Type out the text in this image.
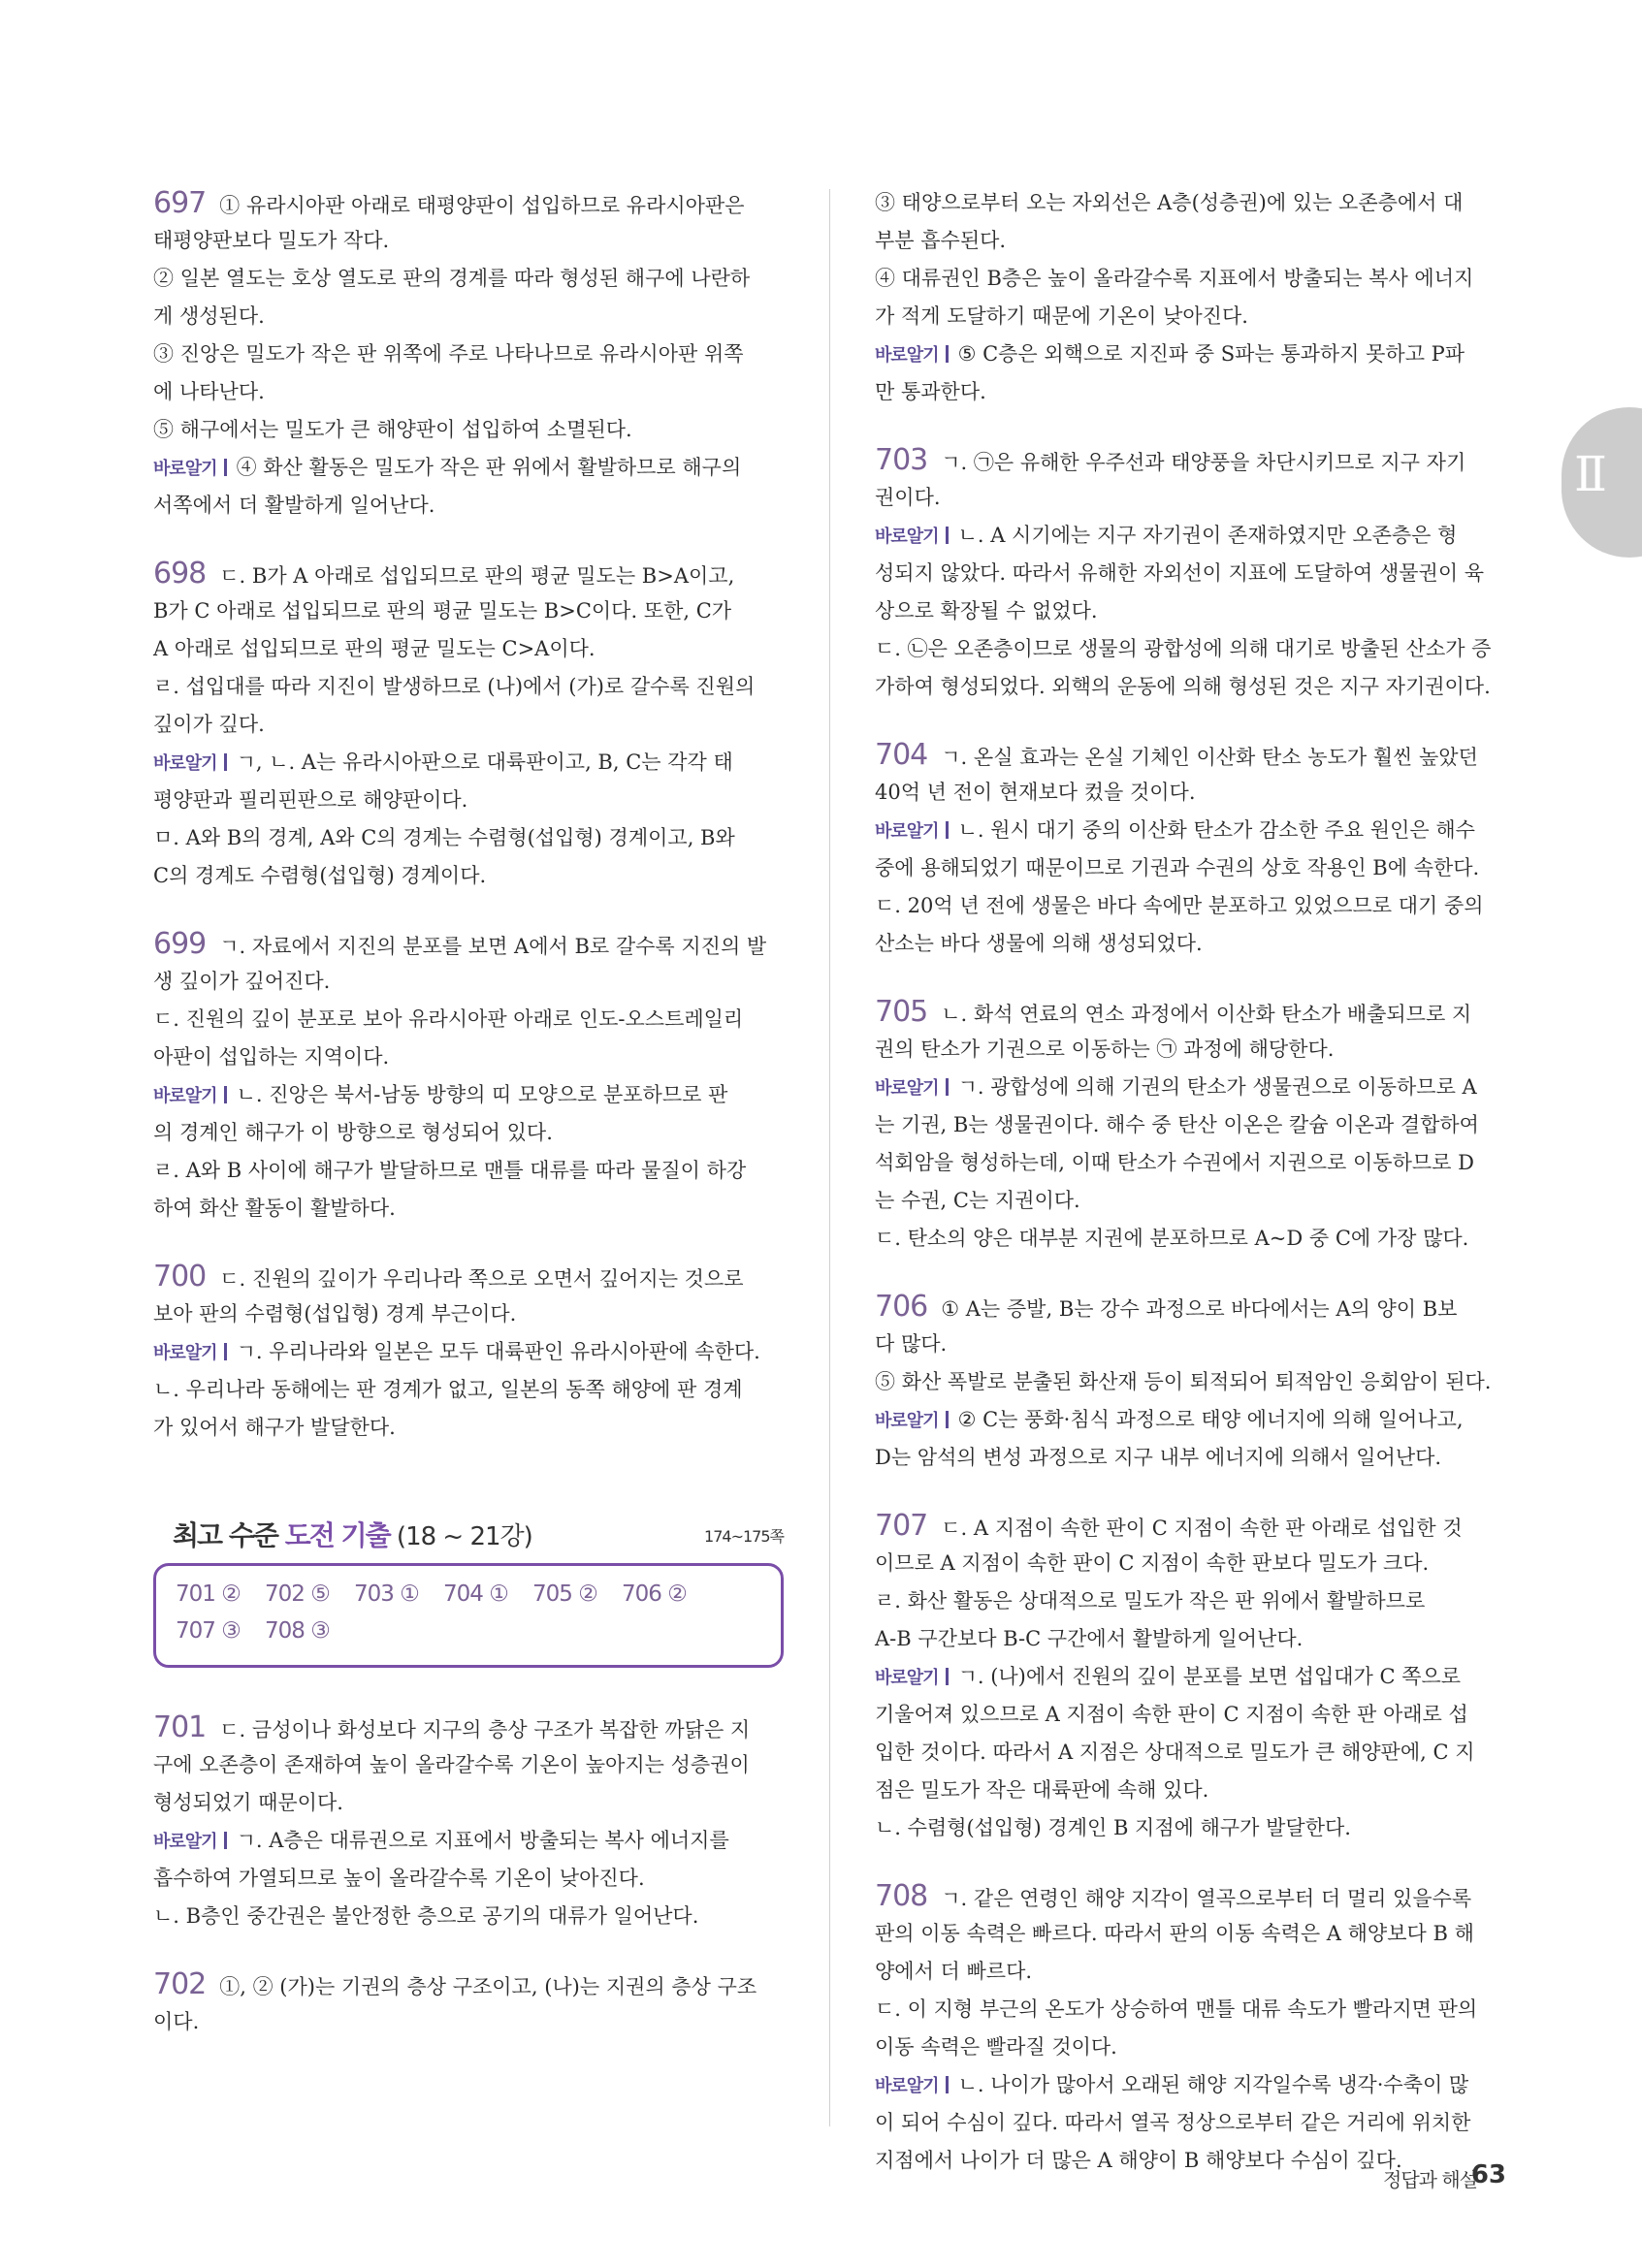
Ⅱ
697 ① 유라시아판 아래로 태평양판이 섭입하므로 유라시아판은
태평양판보다 밀도가 작다.
② 일본 열도는 호상 열도로 판의 경계를 따라 형성된 해구에 나란하
게 생성된다.
③ 진앙은 밀도가 작은 판 위쪽에 주로 나타나므로 유라시아판 위쪽
에 나타난다.
⑤ 해구에서는 밀도가 큰 해양판이 섭입하여 소멸된다.
바로알기 ④ 화산 활동은 밀도가 작은 판 위에서 활발하므로 해구의
서쪽에서 더 활발하게 일어난다.
698 ㄷ. B가 A 아래로 섭입되므로 판의 평균 밀도는 B>A이고,
B가 C 아래로 섭입되므로 판의 평균 밀도는 B>C이다. 또한, C가
A 아래로 섭입되므로 판의 평균 밀도는 C>A이다.
ㄹ. 섭입대를 따라 지진이 발생하므로 (나)에서 (가)로 갈수록 진원의
깊이가 깊다.
바로알기 ㄱ, ㄴ. A는 유라시아판으로 대륙판이고, B, C는 각각 태
평양판과 필리핀판으로 해양판이다.
ㅁ. A와 B의 경계, A와 C의 경계는 수렴형(섭입형) 경계이고, B와
C의 경계도 수렴형(섭입형) 경계이다.
699 ㄱ. 자료에서 지진의 분포를 보면 A에서 B로 갈수록 지진의 발
생 깊이가 깊어진다.
ㄷ. 진원의 깊이 분포로 보아 유라시아판 아래로 인도-오스트레일리
아판이 섭입하는 지역이다.
바로알기 ㄴ. 진앙은 북서-남동 방향의 띠 모양으로 분포하므로 판
의 경계인 해구가 이 방향으로 형성되어 있다.
ㄹ. A와 B 사이에 해구가 발달하므로 맨틀 대류를 따라 물질이 하강
하여 화산 활동이 활발하다.
700 ㄷ. 진원의 깊이가 우리나라 쪽으로 오면서 깊어지는 것으로
보아 판의 수렴형(섭입형) 경계 부근이다.
바로알기 ㄱ. 우리나라와 일본은 모두 대륙판인 유라시아판에 속한다.
ㄴ. 우리나라 동해에는 판 경계가 없고, 일본의 동쪽 해양에 판 경계
가 있어서 해구가 발달한다.
최고 수준 도전 기출 (18 ~ 21강)	174~175쪽
701 ② 702 ⑤ 703 ① 704 ① 705 ② 706 ②
707 ③ 708 ③
701 ㄷ. 금성이나 화성보다 지구의 층상 구조가 복잡한 까닭은 지
구에 오존층이 존재하여 높이 올라갈수록 기온이 높아지는 성층권이
형성되었기 때문이다.
바로알기 ㄱ. A층은 대류권으로 지표에서 방출되는 복사 에너지를
흡수하여 가열되므로 높이 올라갈수록 기온이 낮아진다.
ㄴ. B층인 중간권은 불안정한 층으로 공기의 대류가 일어난다.
702 ①, ② (가)는 기권의 층상 구조이고, (나)는 지권의 층상 구조
이다.
③ 태양으로부터 오는 자외선은 A층(성층권)에 있는 오존층에서 대
부분 흡수된다.
④ 대류권인 B층은 높이 올라갈수록 지표에서 방출되는 복사 에너지
가 적게 도달하기 때문에 기온이 낮아진다.
바로알기 ⑤ C층은 외핵으로 지진파 중 S파는 통과하지 못하고 P파
만 통과한다.
703 ㄱ. ㉠은 유해한 우주선과 태양풍을 차단시키므로 지구 자기
권이다.
바로알기 ㄴ. A 시기에는 지구 자기권이 존재하였지만 오존층은 형
성되지 않았다. 따라서 유해한 자외선이 지표에 도달하여 생물권이 육
상으로 확장될 수 없었다.
ㄷ. ㉡은 오존층이므로 생물의 광합성에 의해 대기로 방출된 산소가 증
가하여 형성되었다. 외핵의 운동에 의해 형성된 것은 지구 자기권이다.
704 ㄱ. 온실 효과는 온실 기체인 이산화 탄소 농도가 훨씬 높았던
40억 년 전이 현재보다 컸을 것이다.
바로알기 ㄴ. 원시 대기 중의 이산화 탄소가 감소한 주요 원인은 해수
중에 용해되었기 때문이므로 기권과 수권의 상호 작용인 B에 속한다.
ㄷ. 20억 년 전에 생물은 바다 속에만 분포하고 있었으므로 대기 중의
산소는 바다 생물에 의해 생성되었다.
705 ㄴ. 화석 연료의 연소 과정에서 이산화 탄소가 배출되므로 지
권의 탄소가 기권으로 이동하는 ㉠ 과정에 해당한다.
바로알기 ㄱ. 광합성에 의해 기권의 탄소가 생물권으로 이동하므로 A
는 기권, B는 생물권이다. 해수 중 탄산 이온은 칼슘 이온과 결합하여
석회암을 형성하는데, 이때 탄소가 수권에서 지권으로 이동하므로 D
는 수권, C는 지권이다.
ㄷ. 탄소의 양은 대부분 지권에 분포하므로 A~D 중 C에 가장 많다.
706 ① A는 증발, B는 강수 과정으로 바다에서는 A의 양이 B보
다 많다.
⑤ 화산 폭발로 분출된 화산재 등이 퇴적되어 퇴적암인 응회암이 된다.
바로알기 ② C는 풍화·침식 과정으로 태양 에너지에 의해 일어나고,
D는 암석의 변성 과정으로 지구 내부 에너지에 의해서 일어난다.
707 ㄷ. A 지점이 속한 판이 C 지점이 속한 판 아래로 섭입한 것
이므로 A 지점이 속한 판이 C 지점이 속한 판보다 밀도가 크다.
ㄹ. 화산 활동은 상대적으로 밀도가 작은 판 위에서 활발하므로
A-B 구간보다 B-C 구간에서 활발하게 일어난다.
바로알기 ㄱ. (나)에서 진원의 깊이 분포를 보면 섭입대가 C 쪽으로
기울어져 있으므로 A 지점이 속한 판이 C 지점이 속한 판 아래로 섭
입한 것이다. 따라서 A 지점은 상대적으로 밀도가 큰 해양판에, C 지
점은 밀도가 작은 대륙판에 속해 있다.
ㄴ. 수렴형(섭입형) 경계인 B 지점에 해구가 발달한다.
708 ㄱ. 같은 연령인 해양 지각이 열곡으로부터 더 멀리 있을수록
판의 이동 속력은 빠르다. 따라서 판의 이동 속력은 A 해양보다 B 해
양에서 더 빠르다.
ㄷ. 이 지형 부근의 온도가 상승하여 맨틀 대류 속도가 빨라지면 판의
이동 속력은 빨라질 것이다.
바로알기 ㄴ. 나이가 많아서 오래된 해양 지각일수록 냉각·수축이 많
이 되어 수심이 깊다. 따라서 열곡 정상으로부터 같은 거리에 위치한
지점에서 나이가 더 많은 A 해양이 B 해양보다 수심이 깊다.
정답과 해설
63
